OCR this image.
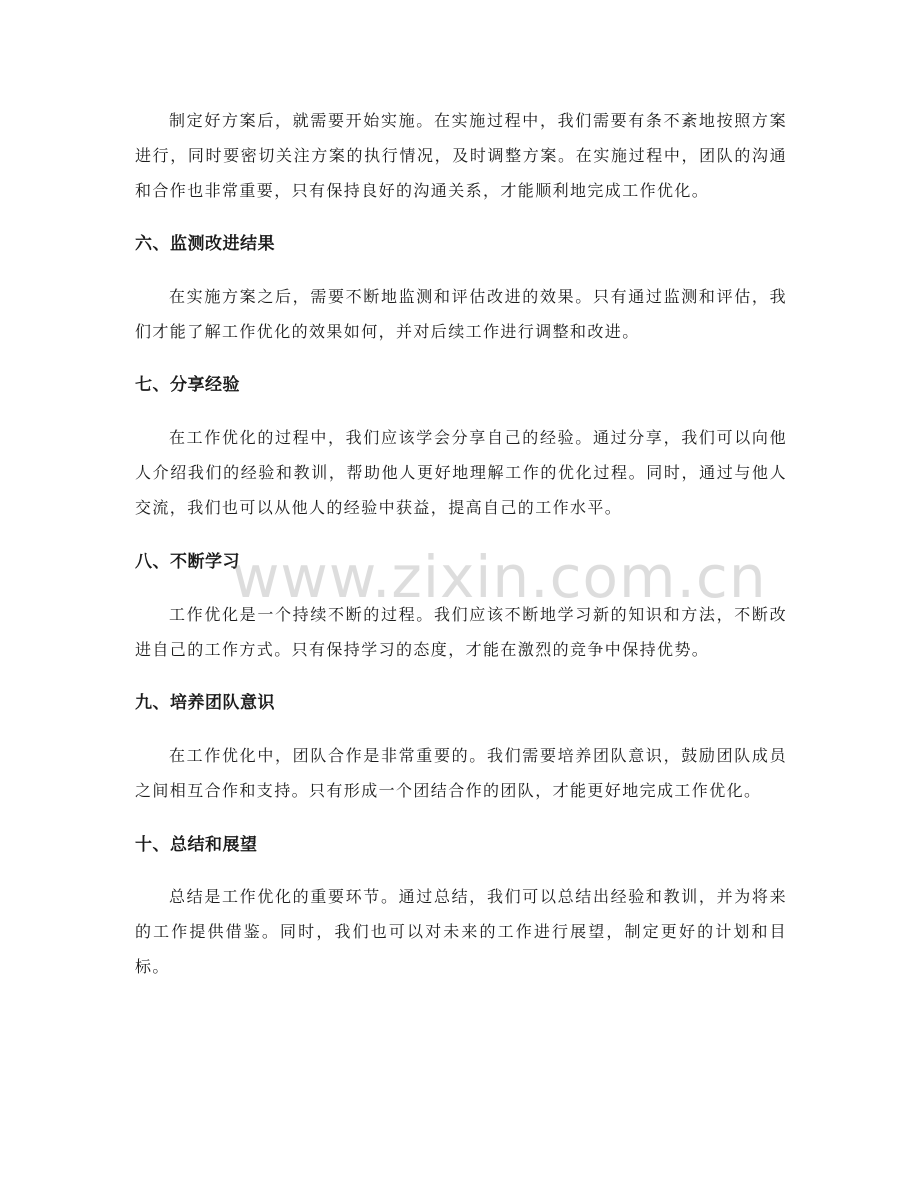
制定好方案后，就需要开始实施。在实施过程中，我们需要有条不紊地按照方案进行，同时要密切关注方案的执行情况，及时调整方案。在实施过程中，团队的沟通和合作也非常重要，只有保持良好的沟通关系，才能顺利地完成工作优化。

六、监测改进结果

在实施方案之后，需要不断地监测和评估改进的效果。只有通过监测和评估，我们才能了解工作优化的效果如何，并对后续工作进行调整和改进。

七、分享经验

在工作优化的过程中，我们应该学会分享自己的经验。通过分享，我们可以向他人介绍我们的经验和教训，帮助他人更好地理解工作的优化过程。同时，通过与他人交流，我们也可以从他人的经验中获益，提高自己的工作水平。

八、不断学习

工作优化是一个持续不断的过程。我们应该不断地学习新的知识和方法，不断改进自己的工作方式。只有保持学习的态度，才能在激烈的竞争中保持优势。

九、培养团队意识

在工作优化中，团队合作是非常重要的。我们需要培养团队意识，鼓励团队成员之间相互合作和支持。只有形成一个团结合作的团队，才能更好地完成工作优化。

十、总结和展望

总结是工作优化的重要环节。通过总结，我们可以总结出经验和教训，并为将来的工作提供借鉴。同时，我们也可以对未来的工作进行展望，制定更好的计划和目标。

www.zixin.com.cn
